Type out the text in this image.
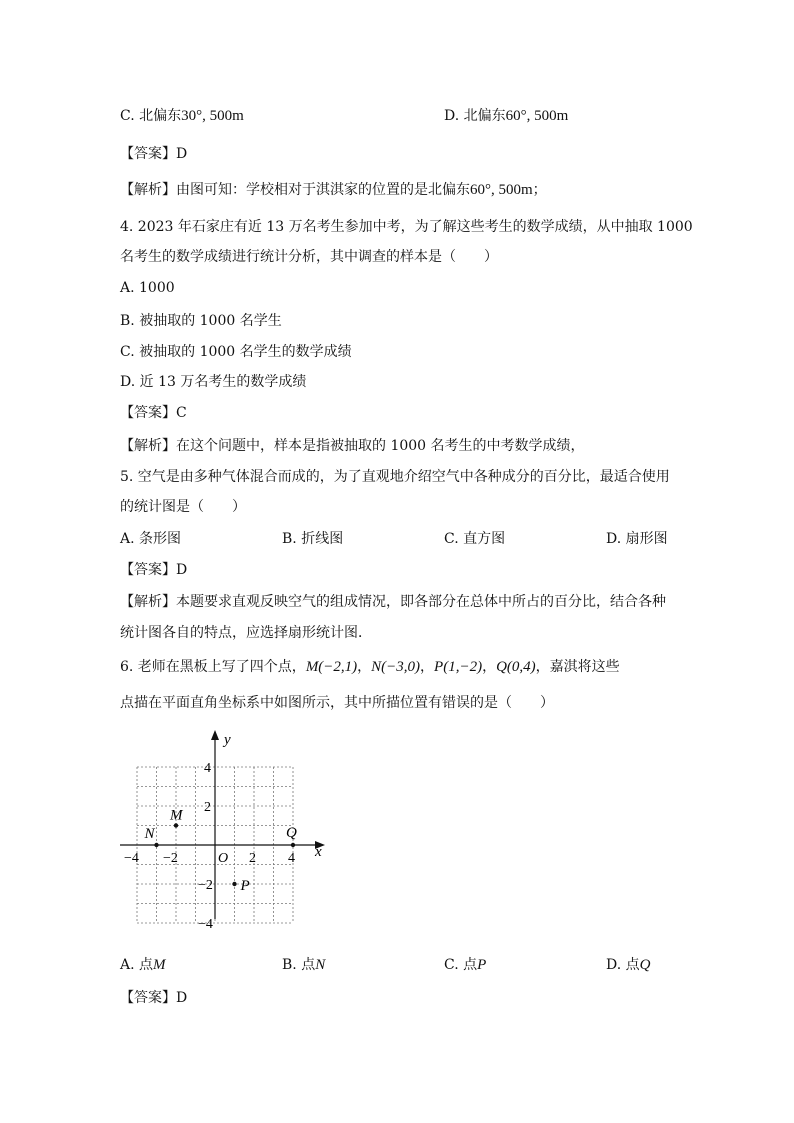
C. 北偏东30°, 500m	D. 北偏东60°, 500m
【答案】D
【解析】由图可知：学校相对于淇淇家的位置的是北偏东60°, 500m；
4. 2023 年石家庄有近 13 万名考生参加中考，为了解这些考生的数学成绩，从中抽取 1000
名考生的数学成绩进行统计分析，其中调查的样本是（　　）
A. 1000
B. 被抽取的 1000 名学生
C. 被抽取的 1000 名学生的数学成绩
D. 近 13 万名考生的数学成绩
【答案】C
【解析】在这个问题中，样本是指被抽取的 1000 名考生的中考数学成绩，
5. 空气是由多种气体混合而成的，为了直观地介绍空气中各种成分的百分比，最适合使用
的统计图是（　　）
A. 条形图	B. 折线图	C. 直方图	D. 扇形图
【答案】D
【解析】本题要求直观反映空气的组成情况，即各部分在总体中所占的百分比，结合各种
统计图各自的特点，应选择扇形统计图．
6. 老师在黑板上写了四个点，M(−2,1)，N(−3,0)，P(1,−2)，Q(0,4)，嘉淇将这些
点描在平面直角坐标系中如图所示，其中所描位置有错误的是（　　）
x
y
O
−4 −2	2 4
4
2
−2
−4
M
N
P
Q
A. 点M	B. 点N	C. 点P	D. 点Q
【答案】D
